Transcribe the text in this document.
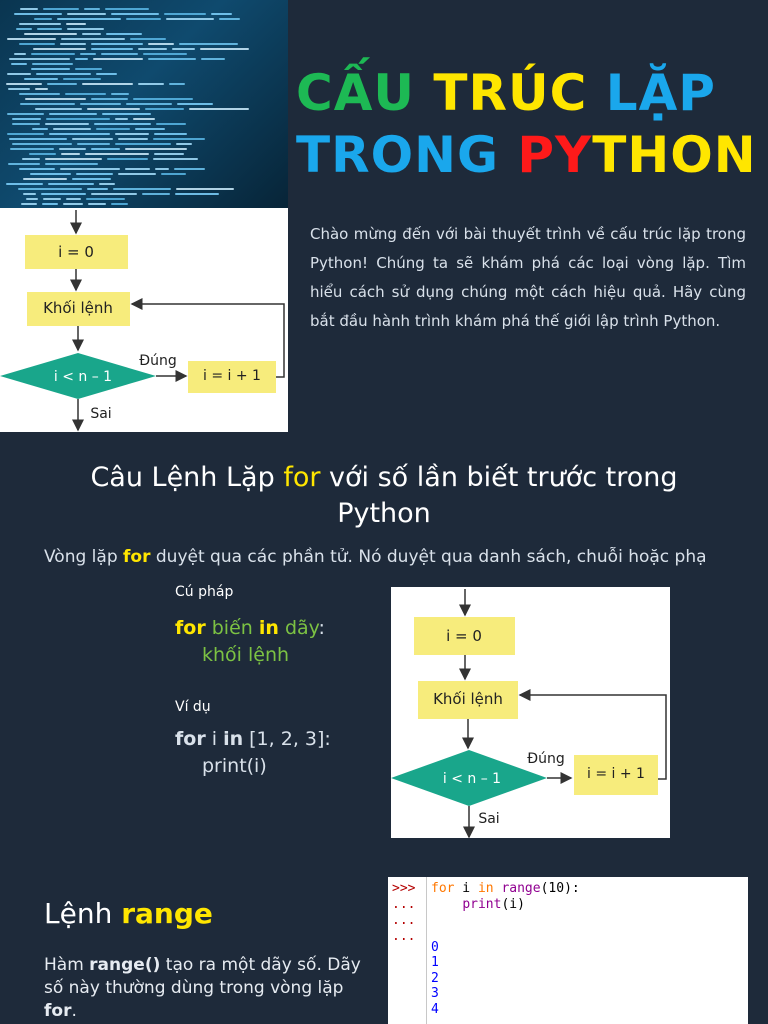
CẤU TRÚC LẶP
TRONG PYTHON
Chào mừng đến với bài thuyết trình về cấu trúc lặp trong Python! Chúng ta sẽ khám phá các loại vòng lặp. Tìm hiểu cách sử dụng chúng một cách hiệu quả. Hãy cùng bắt đầu hành trình khám phá thế giới lập trình Python.
i = 0
Khối lệnh
i < n – 1
Đúng
i = i + 1
Sai
Câu Lệnh Lặp for với số lần biết trước trong Python
Vòng lặp for duyệt qua các phần tử. Nó duyệt qua danh sách, chuỗi hoặc phạ
Cú pháp
for biến in dãy:
khối lệnh
Ví dụ
for i in [1, 2, 3]:
print(i)
i = 0
Khối lệnh
i < n – 1
Đúng
i = i + 1
Sai
Lệnh range
Hàm range() tạo ra một dãy số. Dãy số này thường dùng trong vòng lặp for.
>>>
...
...
...
for i in range(10):
print(i)
0
1
2
3
4
